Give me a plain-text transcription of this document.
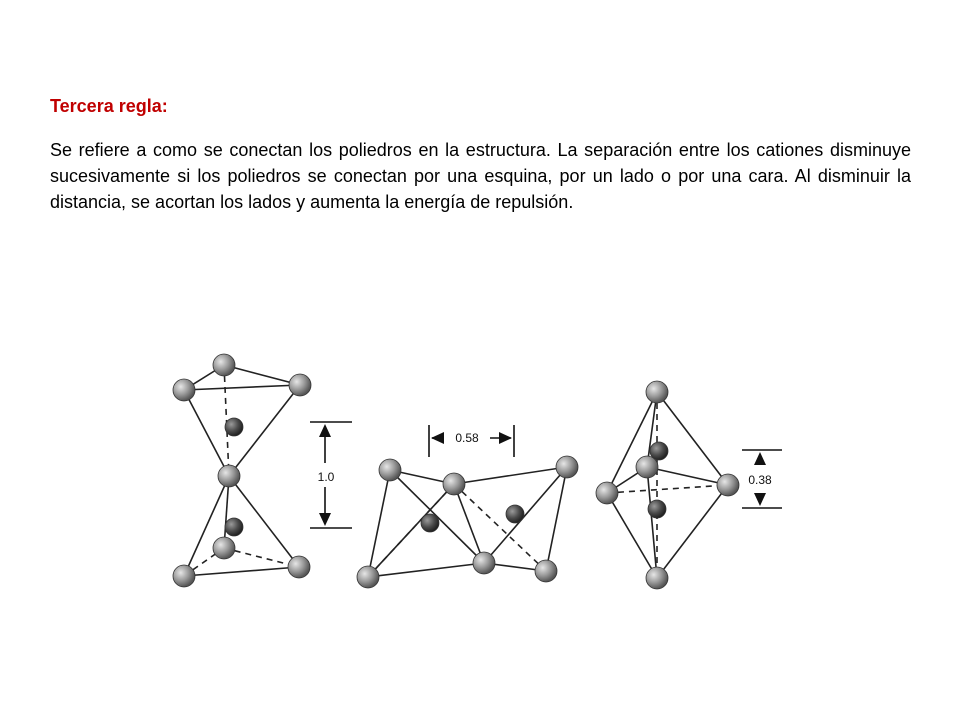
Tercera regla:

Se refiere a como se conectan los poliedros en la estructura. La separación entre los cationes disminuye sucesivamente si los poliedros se conectan por una esquina, por un lado o por una cara. Al disminuir la distancia, se acortan los lados y aumenta la energía de repulsión.

1.0
0.58
0.38
